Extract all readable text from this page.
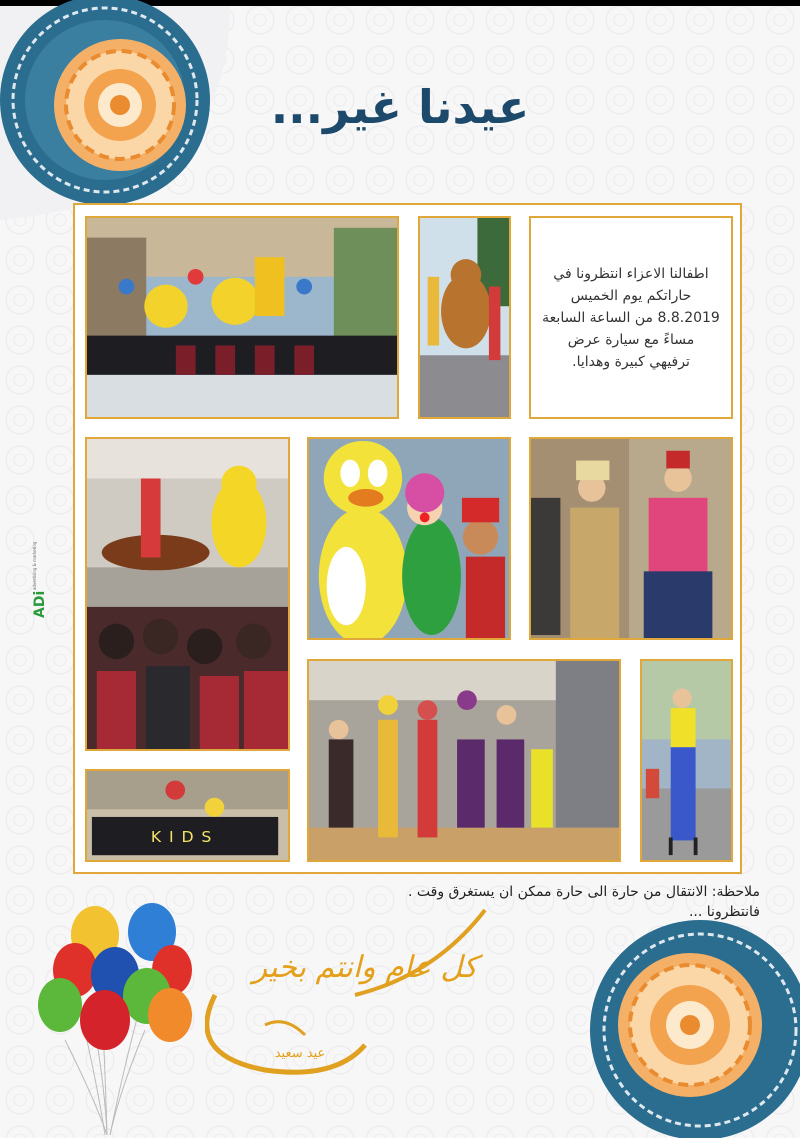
عيدنا غير...
اطفالنا الاعزاء انتظرونا في
حاراتكم يوم الخميس
8.8.2019 من الساعة السابعة
مساءً مع سيارة عرض
ترفيهي كبيرة وهدايا.
KIDS
ADi
advertising & marketing
ملاحظة: الانتقال من حارة الى حارة ممكن ان يستغرق وقت .
فانتظرونا ...
كل عام وانتم بخير
عيد سعيد
